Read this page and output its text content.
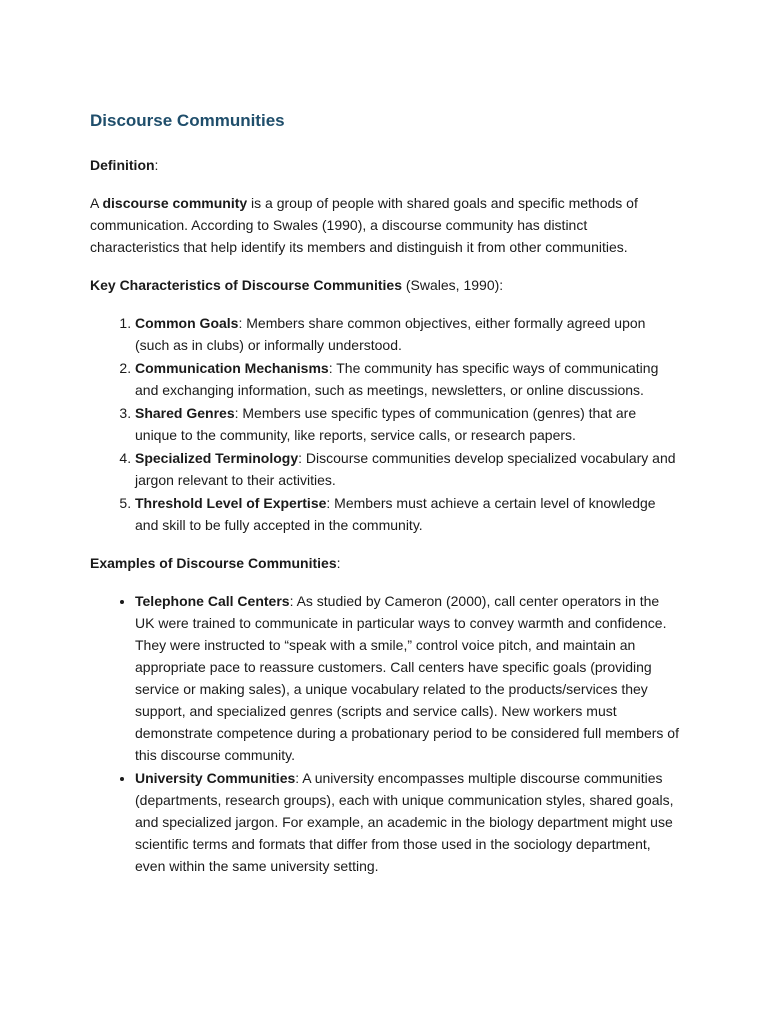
Discourse Communities

Definition:

A discourse community is a group of people with shared goals and specific methods of communication. According to Swales (1990), a discourse community has distinct characteristics that help identify its members and distinguish it from other communities.

Key Characteristics of Discourse Communities (Swales, 1990):

1. Common Goals: Members share common objectives, either formally agreed upon (such as in clubs) or informally understood.
2. Communication Mechanisms: The community has specific ways of communicating and exchanging information, such as meetings, newsletters, or online discussions.
3. Shared Genres: Members use specific types of communication (genres) that are unique to the community, like reports, service calls, or research papers.
4. Specialized Terminology: Discourse communities develop specialized vocabulary and jargon relevant to their activities.
5. Threshold Level of Expertise: Members must achieve a certain level of knowledge and skill to be fully accepted in the community.

Examples of Discourse Communities:

• Telephone Call Centers: As studied by Cameron (2000), call center operators in the UK were trained to communicate in particular ways to convey warmth and confidence. They were instructed to “speak with a smile,” control voice pitch, and maintain an appropriate pace to reassure customers. Call centers have specific goals (providing service or making sales), a unique vocabulary related to the products/services they support, and specialized genres (scripts and service calls). New workers must demonstrate competence during a probationary period to be considered full members of this discourse community.
• University Communities: A university encompasses multiple discourse communities (departments, research groups), each with unique communication styles, shared goals, and specialized jargon. For example, an academic in the biology department might use scientific terms and formats that differ from those used in the sociology department, even within the same university setting.
